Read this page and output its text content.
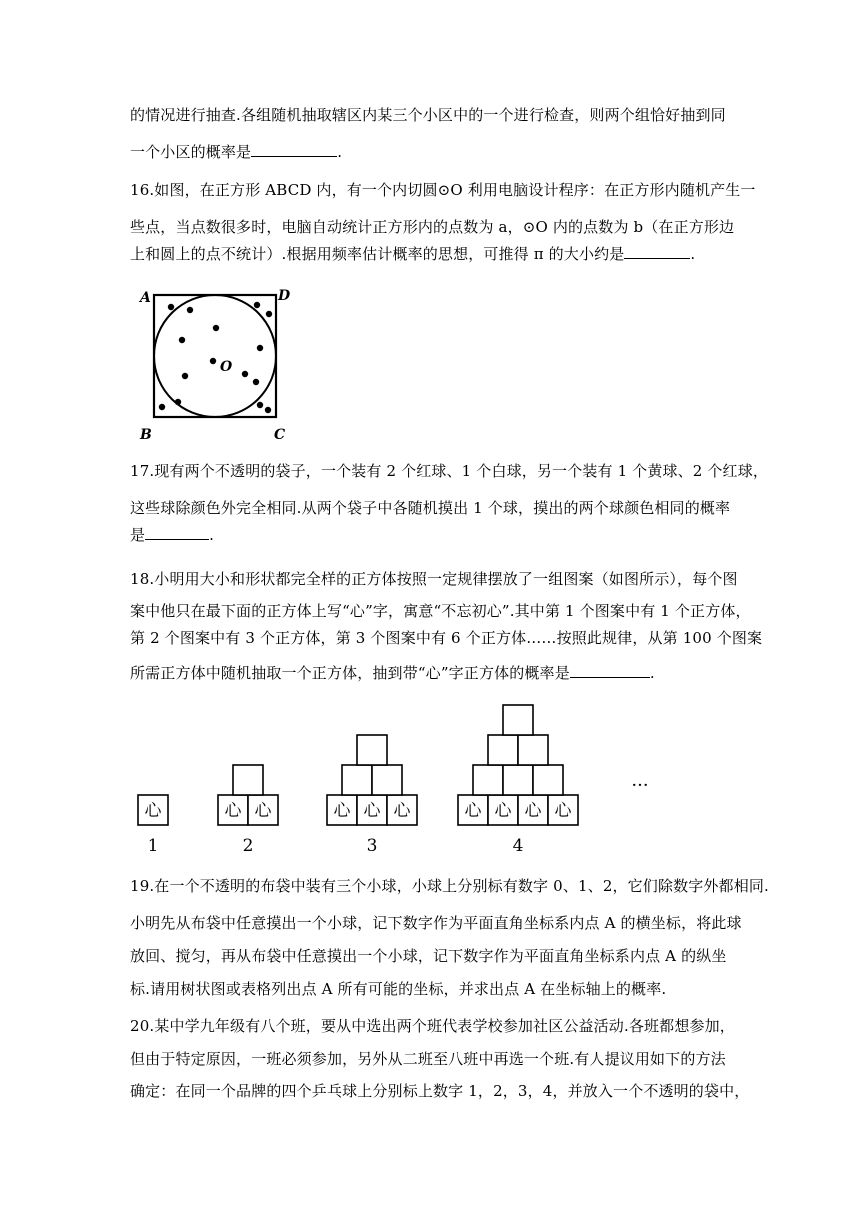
的情况进行抽查.各组随机抽取辖区内某三个小区中的一个进行检查，则两个组恰好抽到同
一个小区的概率是	.
16.如图，在正方形 ABCD 内，有一个内切圆⊙O 利用电脑设计程序：在正方形内随机产生一
些点，当点数很多时，电脑自动统计正方形内的点数为 a，⊙O 内的点数为 b（在正方形边
上和圆上的点不统计）.根据用频率估计概率的思想，可推得 π 的大小约是	.
A	D
B	C
O
17.现有两个不透明的袋子，一个装有 2 个红球、1 个白球，另一个装有 1 个黄球、2 个红球，
这些球除颜色外完全相同.从两个袋子中各随机摸出 1 个球，摸出的两个球颜色相同的概率
是	.
18.小明用大小和形状都完全样的正方体按照一定规律摆放了一组图案（如图所示），每个图
案中他只在最下面的正方体上写“心”字，寓意“不忘初心”.其中第 1 个图案中有 1 个正方体，
第 2 个图案中有 3 个正方体，第 3 个图案中有 6 个正方体……按照此规律，从第 100 个图案
所需正方体中随机抽取一个正方体，抽到带“心”字正方体的概率是	.
心	心 心	心 心 心	心 心 心 心
1	2	3	4
···
19.在一个不透明的布袋中装有三个小球，小球上分别标有数字 0、1、2，它们除数字外都相同.
小明先从布袋中任意摸出一个小球，记下数字作为平面直角坐标系内点 A 的横坐标，将此球
放回、搅匀，再从布袋中任意摸出一个小球，记下数字作为平面直角坐标系内点 A 的纵坐
标.请用树状图或表格列出点 A 所有可能的坐标，并求出点 A 在坐标轴上的概率.
20.某中学九年级有八个班，要从中选出两个班代表学校参加社区公益活动.各班都想参加，
但由于特定原因，一班必须参加，另外从二班至八班中再选一个班.有人提议用如下的方法
确定：在同一个品牌的四个乒乓球上分别标上数字 1，2，3，4，并放入一个不透明的袋中，
